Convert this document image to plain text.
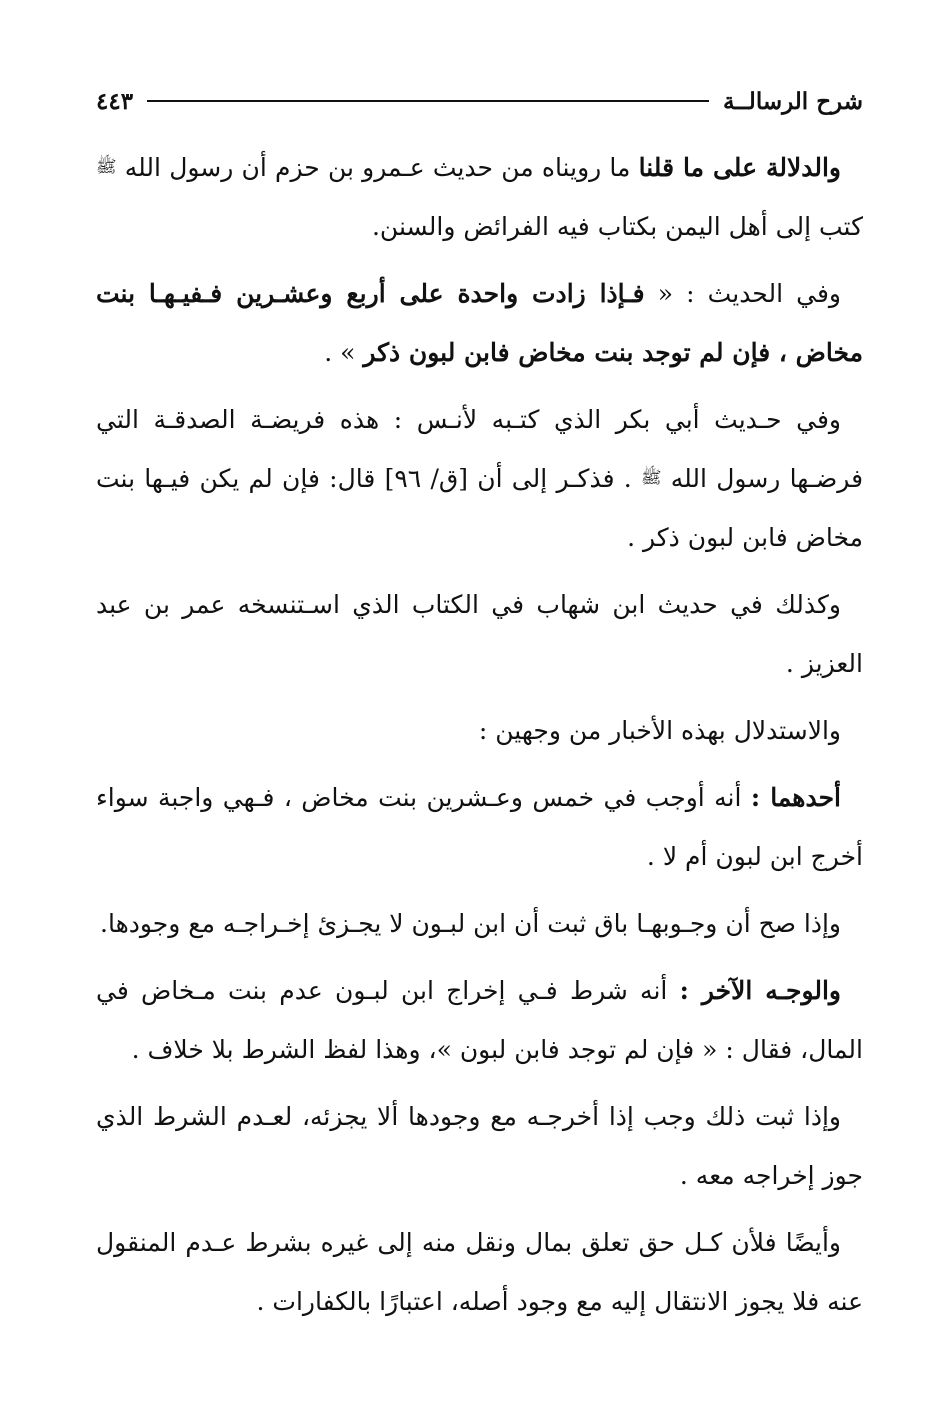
شرح الرسالــة
٤٤٣

والدلالة على ما قلنا ما رويناه من حديث عـمرو بن حزم أن رسول الله ﷺ كتب إلى أهل اليمن بكتاب فيه الفرائض والسنن.

وفي الحديث : « فـإذا زادت واحدة على أربع وعشـرين فـفيـهـا بنت مخاض ، فإن لم توجد بنت مخاض فابن لبون ذكر » .

وفي حـديث أبي بكر الذي كتـبه لأنـس : هذه فريضـة الصدقـة التي فرضـها رسول الله ﷺ . فذكـر إلى أن [ق/ ٩٦] قال: فإن لم يكن فيـها بنت مخاض فابن لبون ذكر .

وكذلك في حديث ابن شهاب في الكتاب الذي اسـتنسخه عمر بن عبد العزيز .

والاستدلال بهذه الأخبار من وجهين :

أحدهما : أنه أوجب في خمس وعـشرين بنت مخاض ، فـهي واجبة سواء أخرج ابن لبون أم لا .

وإذا صح أن وجـوبهـا باق ثبت أن ابن لبـون لا يجـزئ إخـراجـه مع وجودها.

والوجـه الآخر : أنه شرط فـي إخراج ابن لبـون عدم بنت مـخاض في المال، فقال : « فإن لم توجد فابن لبون »، وهذا لفظ الشرط بلا خلاف .

وإذا ثبت ذلك وجب إذا أخرجـه مع وجودها ألا يجزئه، لعـدم الشرط الذي جوز إخراجه معه .

وأيضًا فلأن كـل حق تعلق بمال ونقل منه إلى غيره بشرط عـدم المنقول عنه فلا يجوز الانتقال إليه مع وجود أصله، اعتبارًا بالكفارات .
